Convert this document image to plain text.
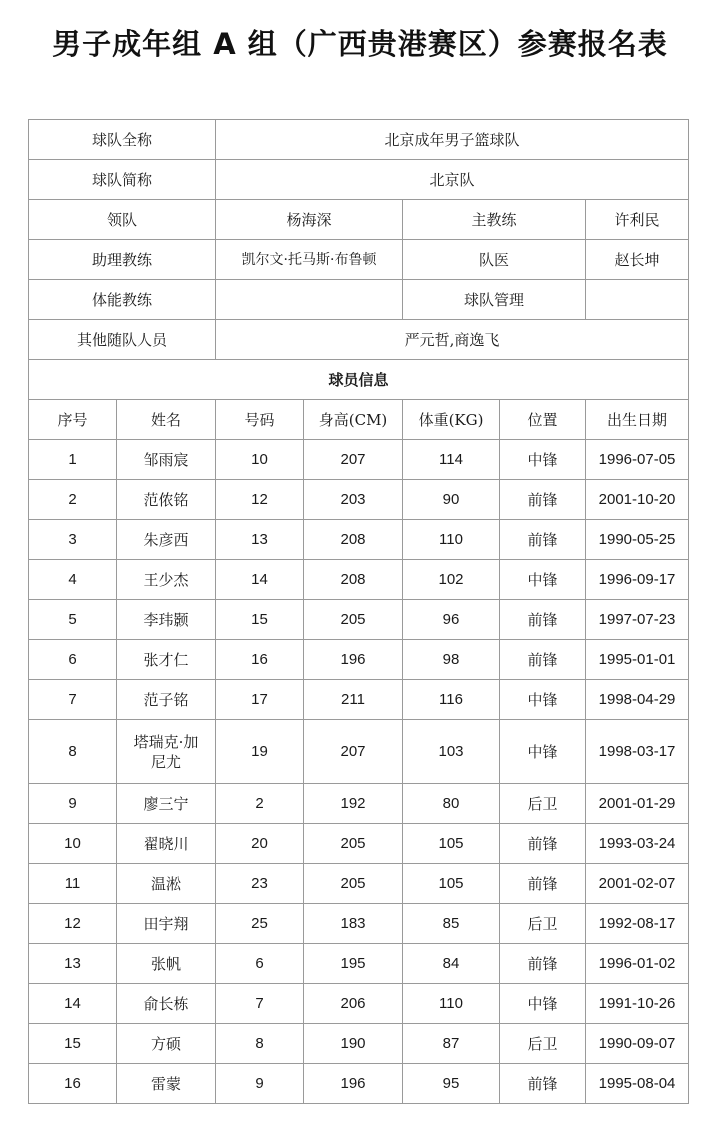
男子成年组 A 组（广西贵港赛区）参赛报名表
球队全称		北京成年男子篮球队				
球队简称		北京队				
领队		杨海深		主教练		许利民
助理教练		凯尔文·托马斯·布鲁顿		队医		赵长坤
体能教练				球队管理		
其他随队人员		严元哲,商逸飞				
球员信息						
序号	姓名	号码	身高(CM)	体重(KG)	位置	出生日期
1	邹雨宸	10	207	114	中锋	1996-07-05
2	范侬铭	12	203	90	前锋	2001-10-20
3	朱彦西	13	208	110	前锋	1990-05-25
4	王少杰	14	208	102	中锋	1996-09-17
5	李玮颢	15	205	96	前锋	1997-07-23
6	张才仁	16	196	98	前锋	1995-01-01
7	范子铭	17	211	116	中锋	1998-04-29
8	塔瑞克·加尼尤	19	207	103	中锋	1998-03-17
9	廖三宁	2	192	80	后卫	2001-01-29
10	翟晓川	20	205	105	前锋	1993-03-24
11	温淞	23	205	105	前锋	2001-02-07
12	田宇翔	25	183	85	后卫	1992-08-17
13	张帆	6	195	84	前锋	1996-01-02
14	俞长栋	7	206	110	中锋	1991-10-26
15	方硕	8	190	87	后卫	1990-09-07
16	雷蒙	9	196	95	前锋	1995-08-04
